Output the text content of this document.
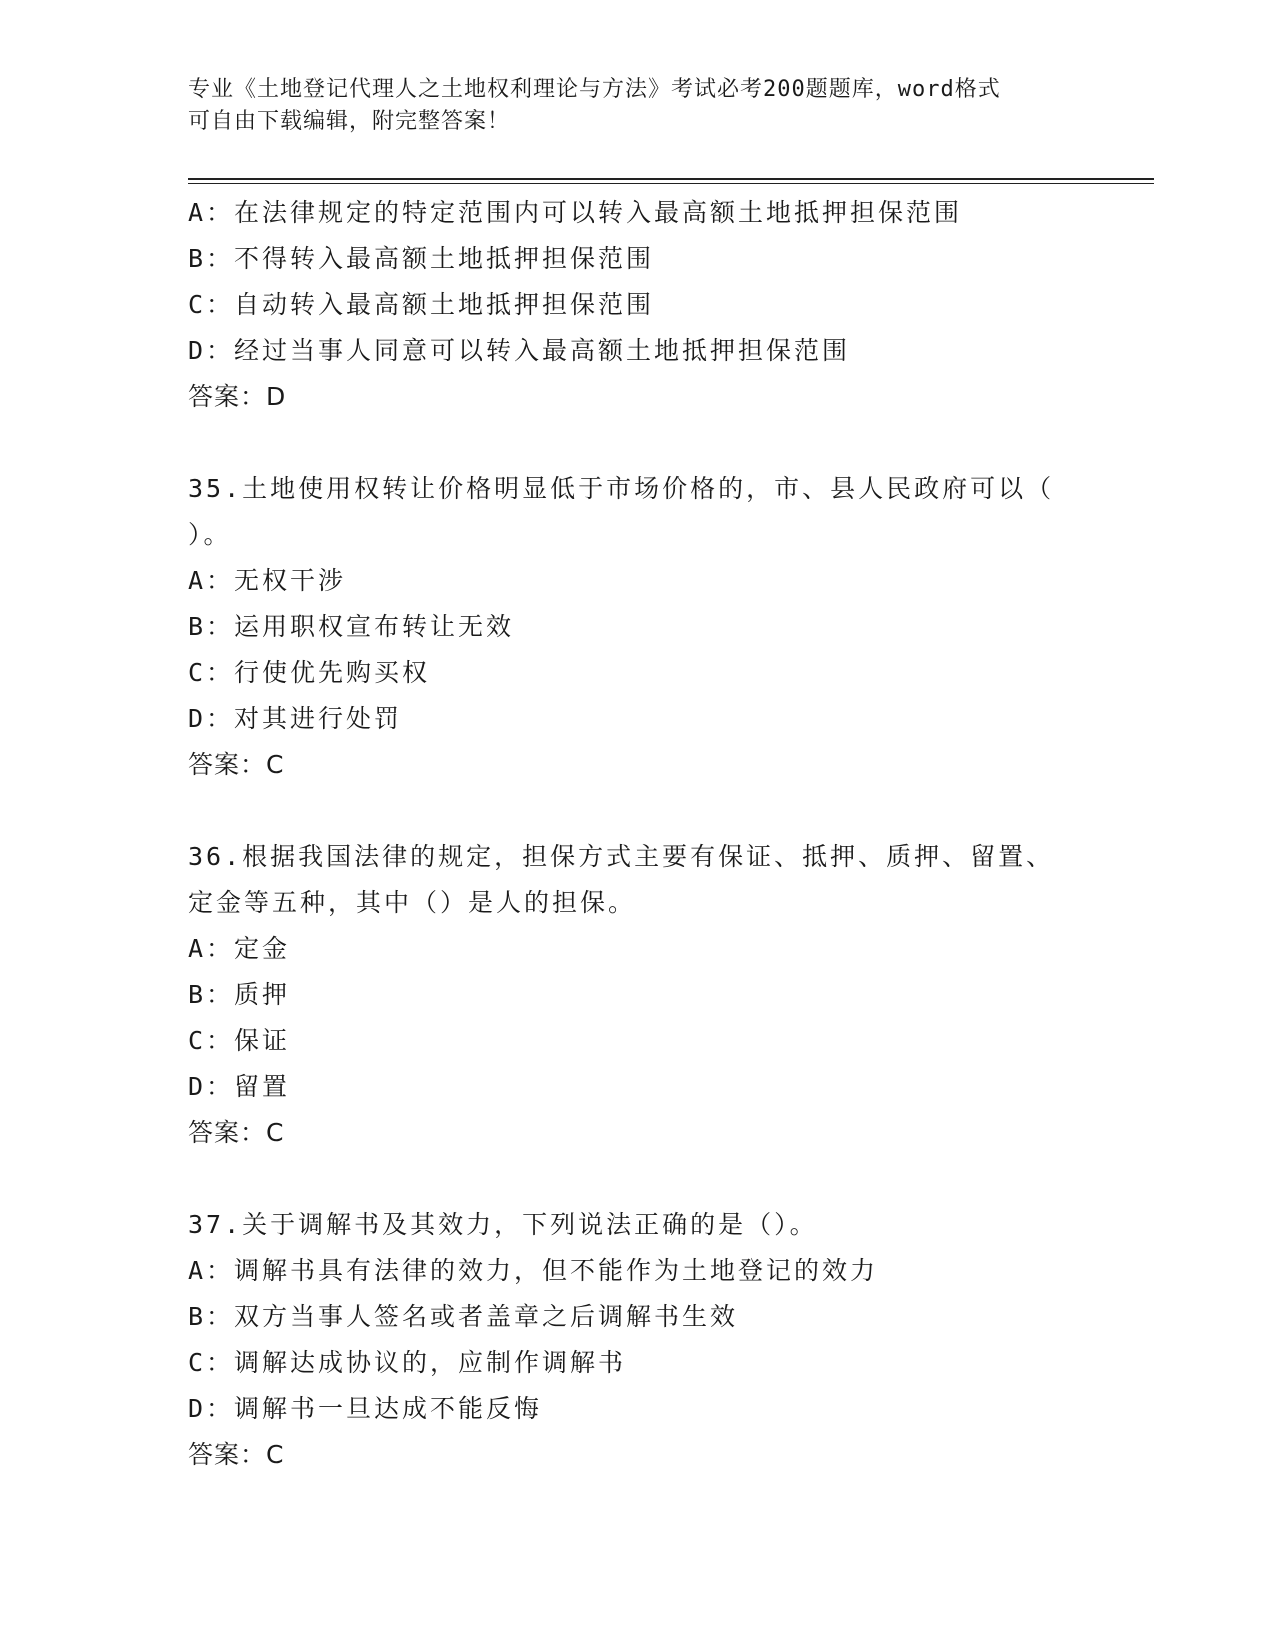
专业《土地登记代理人之土地权利理论与方法》考试必考200题题库，word格式
可自由下载编辑，附完整答案！
A：在法律规定的特定范围内可以转入最高额土地抵押担保范围
B：不得转入最高额土地抵押担保范围
C：自动转入最高额土地抵押担保范围
D：经过当事人同意可以转入最高额土地抵押担保范围
答案：D
35.土地使用权转让价格明显低于市场价格的，市、县人民政府可以（
）。
A：无权干涉
B：运用职权宣布转让无效
C：行使优先购买权
D：对其进行处罚
答案：C
36.根据我国法律的规定，担保方式主要有保证、抵押、质押、留置、
定金等五种，其中（）是人的担保。
A：定金
B：质押
C：保证
D：留置
答案：C
37.关于调解书及其效力，下列说法正确的是（）。
A：调解书具有法律的效力，但不能作为土地登记的效力
B：双方当事人签名或者盖章之后调解书生效
C：调解达成协议的，应制作调解书
D：调解书一旦达成不能反悔
答案：C
